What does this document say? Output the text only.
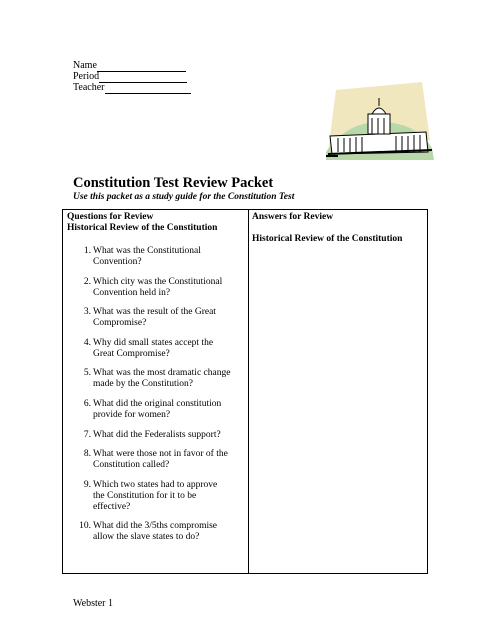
Name
Period
Teacher
Constitution Test Review Packet
Use this packet as a study guide for the Constitution Test
Questions for Review
Historical Review of the Constitution
1. What was the Constitutional
Convention?
2. Which city was the Constitutional
Convention held in?
3. What was the result of the Great
Compromise?
4. Why did small states accept the
Great Compromise?
5. What was the most dramatic change
made by the Constitution?
6. What did the original constitution
provide for women?
7. What did the Federalists support?
8. What were those not in favor of the
Constitution called?
9. Which two states had to approve
the Constitution for it to be
effective?
10. What did the 3/5ths compromise
allow the slave states to do?
Answers for Review
Historical Review of the Constitution
Webster 1
